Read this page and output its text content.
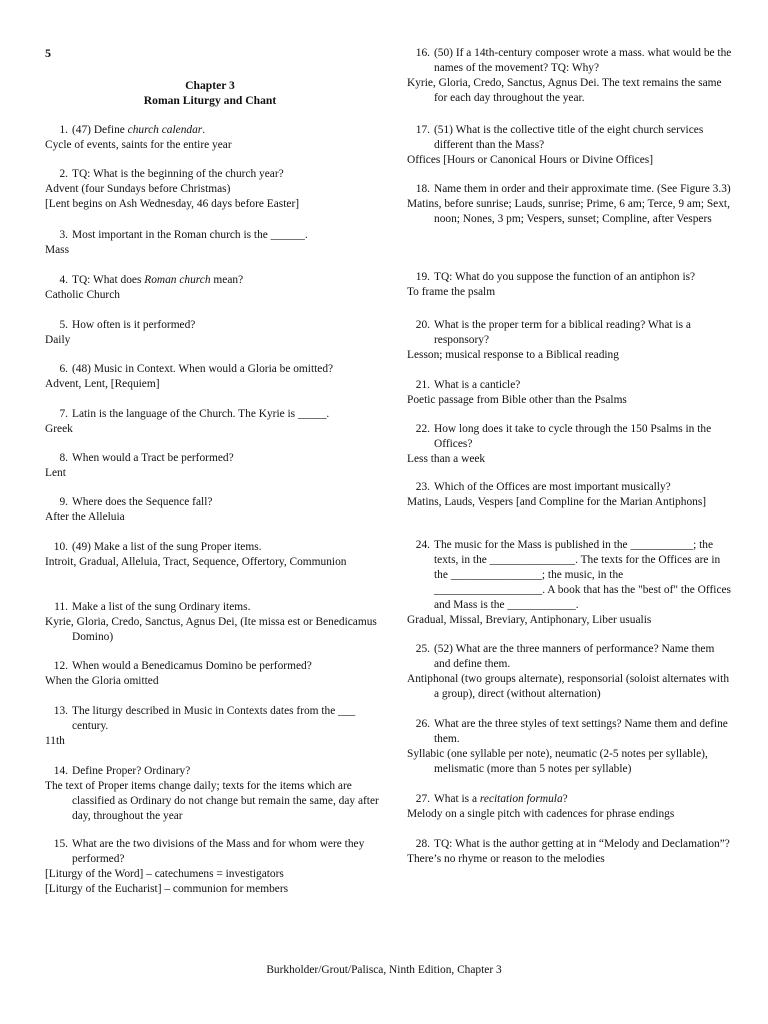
5
Chapter 3
Roman Liturgy and Chant
1. (47) Define church calendar.
Cycle of events, saints for the entire year
2. TQ: What is the beginning of the church year?
Advent (four Sundays before Christmas)
[Lent begins on Ash Wednesday, 46 days before Easter]
3. Most important in the Roman church is the ______.
Mass
4. TQ: What does Roman church mean?
Catholic Church
5. How often is it performed?
Daily
6. (48) Music in Context. When would a Gloria be omitted?
Advent, Lent, [Requiem]
7. Latin is the language of the Church. The Kyrie is _____.
Greek
8. When would a Tract be performed?
Lent
9. Where does the Sequence fall?
After the Alleluia
10. (49) Make a list of the sung Proper items.
Introit, Gradual, Alleluia, Tract, Sequence, Offertory, Communion
11. Make a list of the sung Ordinary items.
Kyrie, Gloria, Credo, Sanctus, Agnus Dei, (Ite missa est or Benedicamus Domino)
12. When would a Benedicamus Domino be performed?
When the Gloria omitted
13. The liturgy described in Music in Contexts dates from the ___ century.
11th
14. Define Proper? Ordinary?
The text of Proper items change daily; texts for the items which are classified as Ordinary do not change but remain the same, day after day, throughout the year
15. What are the two divisions of the Mass and for whom were they performed?
[Liturgy of the Word] – catechumens = investigators
[Liturgy of the Eucharist] – communion for members
16. (50) If a 14th-century composer wrote a mass. what would be the names of the movement? TQ: Why?
Kyrie, Gloria, Credo, Sanctus, Agnus Dei. The text remains the same for each day throughout the year.
17. (51) What is the collective title of the eight church services different than the Mass?
Offices [Hours or Canonical Hours or Divine Offices]
18. Name them in order and their approximate time. (See Figure 3.3)
Matins, before sunrise; Lauds, sunrise; Prime, 6 am; Terce, 9 am; Sext, noon; Nones, 3 pm; Vespers, sunset; Compline, after Vespers
19. TQ: What do you suppose the function of an antiphon is?
To frame the psalm
20. What is the proper term for a biblical reading? What is a responsory?
Lesson; musical response to a Biblical reading
21. What is a canticle?
Poetic passage from Bible other than the Psalms
22. How long does it take to cycle through the 150 Psalms in the Offices?
Less than a week
23. Which of the Offices are most important musically?
Matins, Lauds, Vespers [and Compline for the Marian Antiphons]
24. The music for the Mass is published in the ___________; the texts, in the _______________. The texts for the Offices are in the ________________; the music, in the ___________________. A book that has the "best of" the Offices and Mass is the ____________.
Gradual, Missal, Breviary, Antiphonary, Liber usualis
25. (52) What are the three manners of performance? Name them and define them.
Antiphonal (two groups alternate), responsorial (soloist alternates with a group), direct (without alternation)
26. What are the three styles of text settings? Name them and define them.
Syllabic (one syllable per note), neumatic (2-5 notes per syllable), melismatic (more than 5 notes per syllable)
27. What is a recitation formula?
Melody on a single pitch with cadences for phrase endings
28. TQ: What is the author getting at in “Melody and Declamation”?
There’s no rhyme or reason to the melodies
Burkholder/Grout/Palisca, Ninth Edition, Chapter 3
